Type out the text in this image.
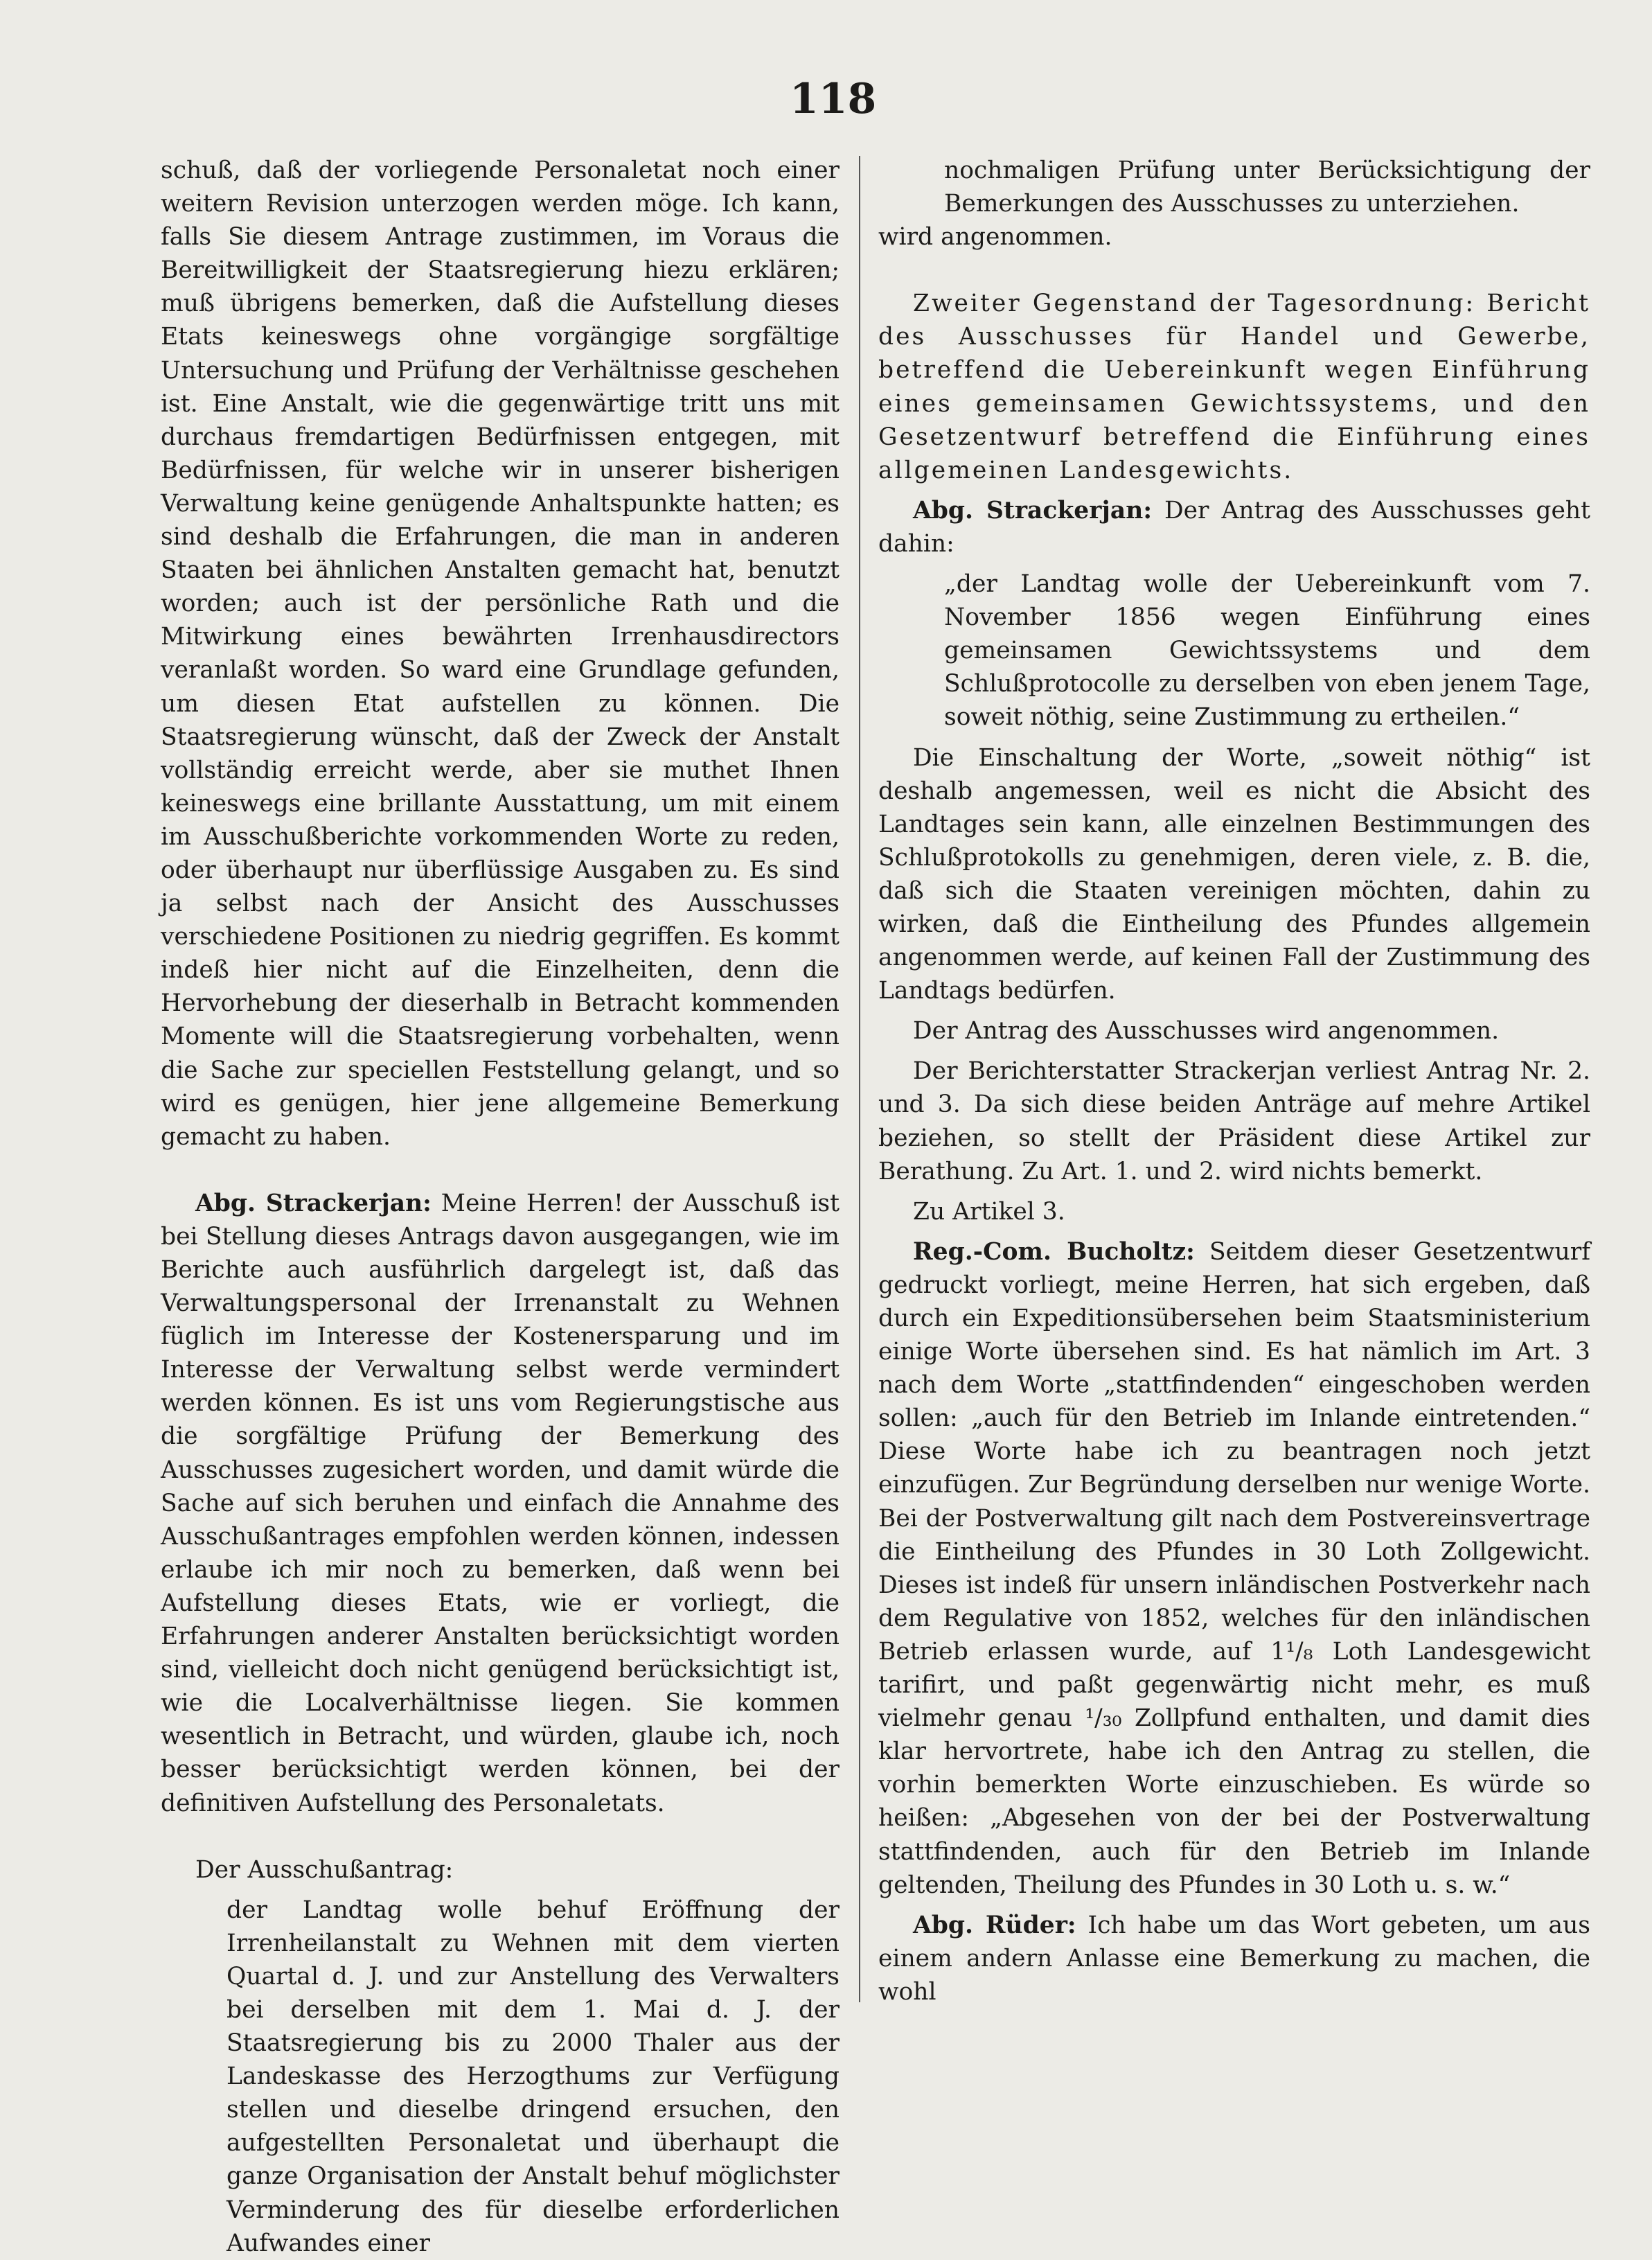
118

schuß, daß der vorliegende Personaletat noch einer weitern Revision unterzogen werden möge. Ich kann, falls Sie diesem Antrage zustimmen, im Voraus die Bereitwilligkeit der Staatsregierung hiezu erklären; muß übrigens bemerken, daß die Aufstellung dieses Etats keineswegs ohne vorgängige sorgfältige Untersuchung und Prüfung der Verhältnisse geschehen ist. Eine Anstalt, wie die gegenwärtige tritt uns mit durchaus fremdartigen Bedürfnissen entgegen, mit Bedürfnissen, für welche wir in unserer bisherigen Verwaltung keine genügende Anhaltspunkte hatten; es sind deshalb die Erfahrungen, die man in anderen Staaten bei ähnlichen Anstalten gemacht hat, benutzt worden; auch ist der persönliche Rath und die Mitwirkung eines bewährten Irrenhausdirectors veranlaßt worden. So ward eine Grundlage gefunden, um diesen Etat aufstellen zu können. Die Staatsregierung wünscht, daß der Zweck der Anstalt vollständig erreicht werde, aber sie muthet Ihnen keineswegs eine brillante Ausstattung, um mit einem im Ausschußberichte vorkommenden Worte zu reden, oder überhaupt nur überflüssige Ausgaben zu. Es sind ja selbst nach der Ansicht des Ausschusses verschiedene Positionen zu niedrig gegriffen. Es kommt indeß hier nicht auf die Einzelheiten, denn die Hervorhebung der dieserhalb in Betracht kommenden Momente will die Staatsregierung vorbehalten, wenn die Sache zur speciellen Feststellung gelangt, und so wird es genügen, hier jene allgemeine Bemerkung gemacht zu haben.

Abg. Strackerjan: Meine Herren! der Ausschuß ist bei Stellung dieses Antrags davon ausgegangen, wie im Berichte auch ausführlich dargelegt ist, daß das Verwaltungspersonal der Irrenanstalt zu Wehnen füglich im Interesse der Kostenersparung und im Interesse der Verwaltung selbst werde vermindert werden können. Es ist uns vom Regierungstische aus die sorgfältige Prüfung der Bemerkung des Ausschusses zugesichert worden, und damit würde die Sache auf sich beruhen und einfach die Annahme des Ausschußantrages empfohlen werden können, indessen erlaube ich mir noch zu bemerken, daß wenn bei Aufstellung dieses Etats, wie er vorliegt, die Erfahrungen anderer Anstalten berücksichtigt worden sind, vielleicht doch nicht genügend berücksichtigt ist, wie die Localverhältnisse liegen. Sie kommen wesentlich in Betracht, und würden, glaube ich, noch besser berücksichtigt werden können, bei der definitiven Aufstellung des Personaletats.

Der Ausschußantrag:

der Landtag wolle behuf Eröffnung der Irrenheilanstalt zu Wehnen mit dem vierten Quartal d. J. und zur Anstellung des Verwalters bei derselben mit dem 1. Mai d. J. der Staatsregierung bis zu 2000 Thaler aus der Landeskasse des Herzogthums zur Verfügung stellen und dieselbe dringend ersuchen, den aufgestellten Personaletat und überhaupt die ganze Organisation der Anstalt behuf möglichster Verminderung des für dieselbe erforderlichen Aufwandes einer

nochmaligen Prüfung unter Berücksichtigung der Bemerkungen des Ausschusses zu unterziehen.

wird angenommen.

Zweiter Gegenstand der Tagesordnung: Bericht des Ausschusses für Handel und Gewerbe, betreffend die Uebereinkunft wegen Einführung eines gemeinsamen Gewichtssystems, und den Gesetzentwurf betreffend die Einführung eines allgemeinen Landesgewichts.

Abg. Strackerjan: Der Antrag des Ausschusses geht dahin:

„der Landtag wolle der Uebereinkunft vom 7. November 1856 wegen Einführung eines gemeinsamen Gewichtssystems und dem Schlußprotocolle zu derselben von eben jenem Tage, soweit nöthig, seine Zustimmung zu ertheilen.“

Die Einschaltung der Worte, „soweit nöthig“ ist deshalb angemessen, weil es nicht die Absicht des Landtages sein kann, alle einzelnen Bestimmungen des Schlußprotokolls zu genehmigen, deren viele, z. B. die, daß sich die Staaten vereinigen möchten, dahin zu wirken, daß die Eintheilung des Pfundes allgemein angenommen werde, auf keinen Fall der Zustimmung des Landtags bedürfen.

Der Antrag des Ausschusses wird angenommen.

Der Berichterstatter Strackerjan verliest Antrag Nr. 2. und 3. Da sich diese beiden Anträge auf mehre Artikel beziehen, so stellt der Präsident diese Artikel zur Berathung. Zu Art. 1. und 2. wird nichts bemerkt.

Zu Artikel 3.

Reg.-Com. Bucholtz: Seitdem dieser Gesetzentwurf gedruckt vorliegt, meine Herren, hat sich ergeben, daß durch ein Expeditionsübersehen beim Staatsministerium einige Worte übersehen sind. Es hat nämlich im Art. 3 nach dem Worte „stattfindenden“ eingeschoben werden sollen: „auch für den Betrieb im Inlande eintretenden.“ Diese Worte habe ich zu beantragen noch jetzt einzufügen. Zur Begründung derselben nur wenige Worte. Bei der Postverwaltung gilt nach dem Postvereinsvertrage die Eintheilung des Pfundes in 30 Loth Zollgewicht. Dieses ist indeß für unsern inländischen Postverkehr nach dem Regulative von 1852, welches für den inländischen Betrieb erlassen wurde, auf 1¹/₈ Loth Landesgewicht tarifirt, und paßt gegenwärtig nicht mehr, es muß vielmehr genau ¹/₃₀ Zollpfund enthalten, und damit dies klar hervortrete, habe ich den Antrag zu stellen, die vorhin bemerkten Worte einzuschieben. Es würde so heißen: „Abgesehen von der bei der Postverwaltung stattfindenden, auch für den Betrieb im Inlande geltenden, Theilung des Pfundes in 30 Loth u. s. w.“

Abg. Rüder: Ich habe um das Wort gebeten, um aus einem andern Anlasse eine Bemerkung zu machen, die wohl
